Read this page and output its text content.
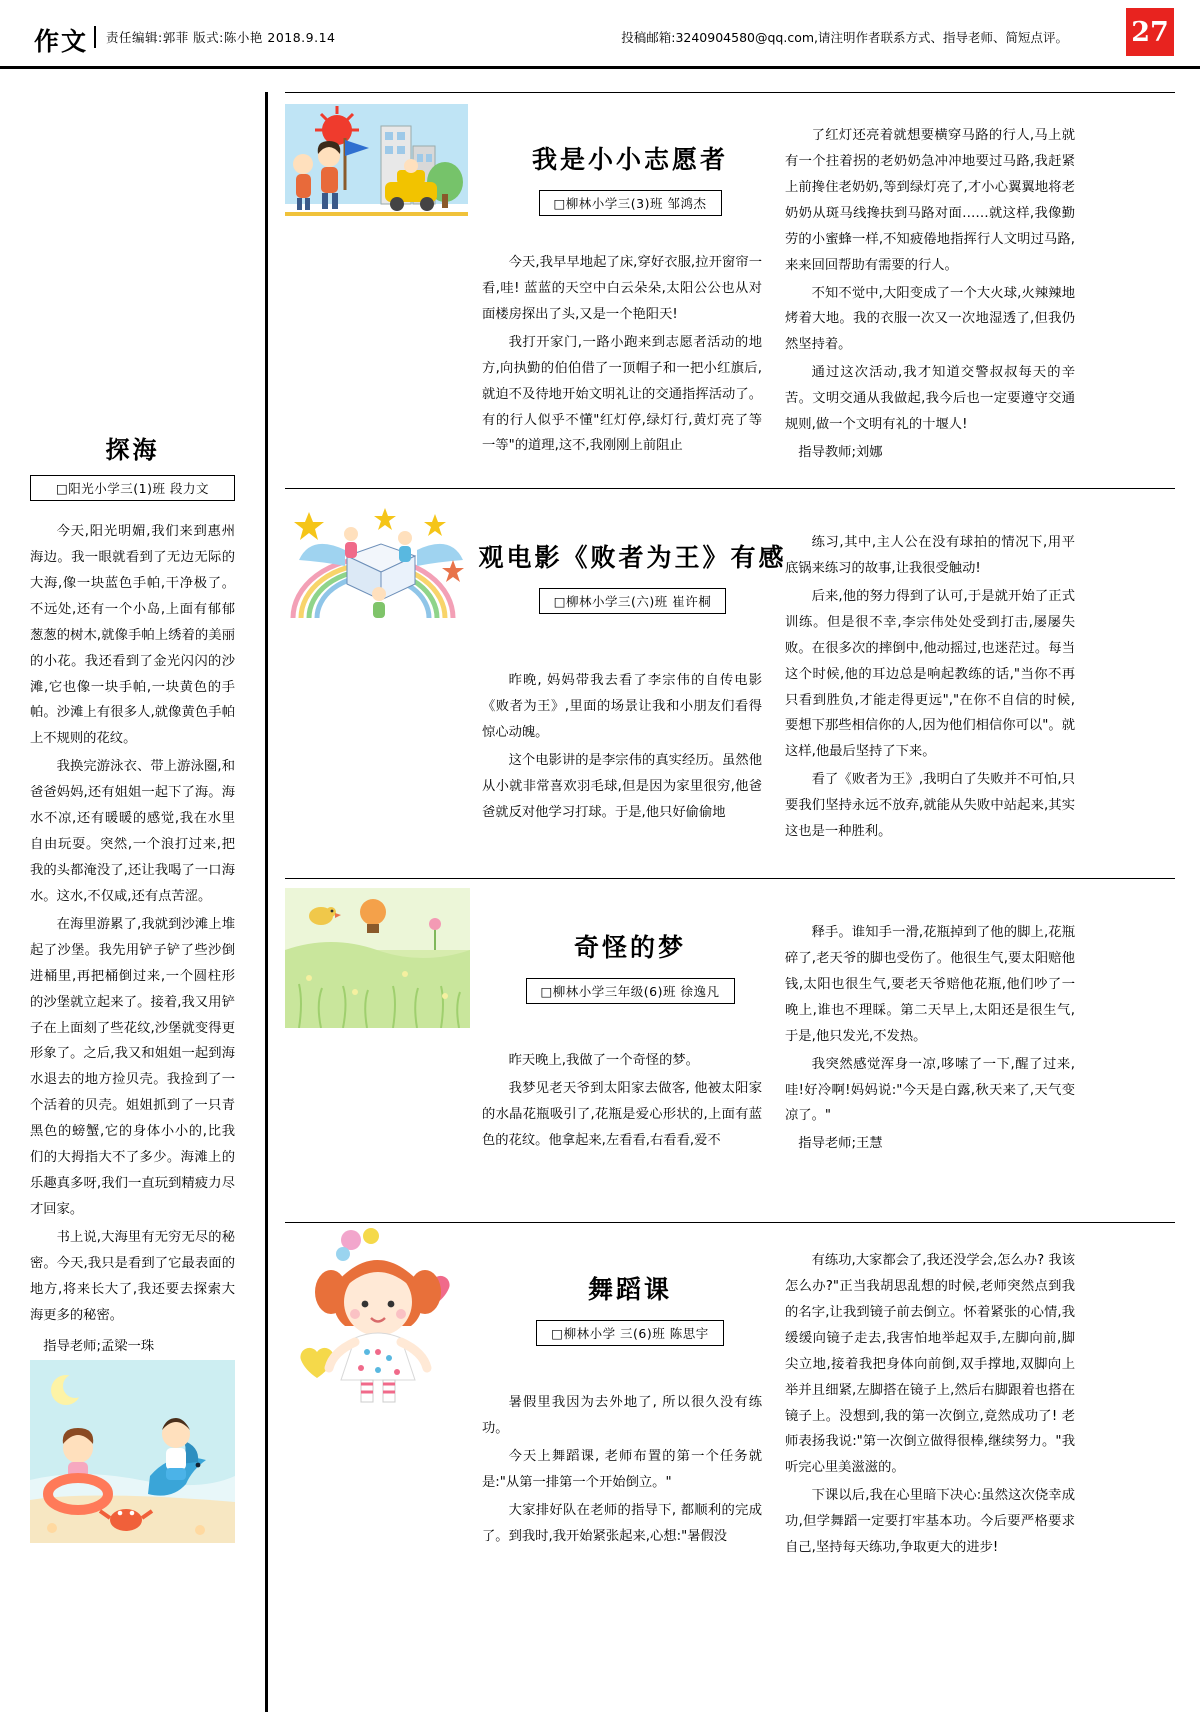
作文 责任编辑:郭菲 版式:陈小艳 2018.9.14	投稿邮箱:3240904580@qq.com,请注明作者联系方式、指导老师、简短点评。 27
探海
□阳光小学三(1)班 段力文

今天,阳光明媚,我们来到惠州海边。我一眼就看到了无边无际的大海,像一块蓝色手帕,干净极了。不远处,还有一个小岛,上面有郁郁葱葱的树木,就像手帕上绣着的美丽的小花。我还看到了金光闪闪的沙滩,它也像一块手帕,一块黄色的手帕。沙滩上有很多人,就像黄色手帕上不规则的花纹。

我换完游泳衣、带上游泳圈,和爸爸妈妈,还有姐姐一起下了海。海水不凉,还有暖暖的感觉,我在水里自由玩耍。突然,一个浪打过来,把我的头都淹没了,还让我喝了一口海水。这水,不仅咸,还有点苦涩。

在海里游累了,我就到沙滩上堆起了沙堡。我先用铲子铲了些沙倒进桶里,再把桶倒过来,一个圆柱形的沙堡就立起来了。接着,我又用铲子在上面刻了些花纹,沙堡就变得更形象了。之后,我又和姐姐一起到海水退去的地方捡贝壳。我捡到了一个活着的贝壳。姐姐抓到了一只青黑色的螃蟹,它的身体小小的,比我们的大拇指大不了多少。海滩上的乐趣真多呀,我们一直玩到精疲力尽才回家。

书上说,大海里有无穷无尽的秘密。今天,我只是看到了它最表面的地方,将来长大了,我还要去探索大海更多的秘密。

指导老师;孟梁一珠
我是小小志愿者
□柳林小学三(3)班 邹鸿杰

今天,我早早地起了床,穿好衣服,拉开窗帘一看,哇! 蓝蓝的天空中白云朵朵,太阳公公也从对面楼房探出了头,又是一个艳阳天!

我打开家门,一路小跑来到志愿者活动的地方,向执勤的伯伯借了一顶帽子和一把小红旗后,就迫不及待地开始文明礼让的交通指挥活动了。有的行人似乎不懂"红灯停,绿灯行,黄灯亮了等一等"的道理,这不,我刚刚上前阻止

了红灯还亮着就想要横穿马路的行人,马上就有一个拄着拐的老奶奶急冲冲地要过马路,我赶紧上前搀住老奶奶,等到绿灯亮了,才小心翼翼地将老奶奶从斑马线搀扶到马路对面……就这样,我像勤劳的小蜜蜂一样,不知疲倦地指挥行人文明过马路,来来回回帮助有需要的行人。

不知不觉中,大阳变成了一个大火球,火辣辣地烤着大地。我的衣服一次又一次地湿透了,但我仍然坚持着。

通过这次活动,我才知道交警叔叔每天的辛苦。文明交通从我做起,我今后也一定要遵守交通规则,做一个文明有礼的十堰人!

指导教师;刘娜

观电影《败者为王》有感
□柳林小学三(六)班 崔许桐

昨晚, 妈妈带我去看了李宗伟的自传电影《败者为王》,里面的场景让我和小朋友们看得惊心动魄。

这个电影讲的是李宗伟的真实经历。虽然他从小就非常喜欢羽毛球,但是因为家里很穷,他爸爸就反对他学习打球。于是,他只好偷偷地

练习,其中,主人公在没有球拍的情况下,用平底锅来练习的故事,让我很受触动!

后来,他的努力得到了认可,于是就开始了正式训练。但是很不幸,李宗伟处处受到打击,屡屡失败。在很多次的摔倒中,他动摇过,也迷茫过。每当这个时候,他的耳边总是响起教练的话,"当你不再只看到胜负,才能走得更远","在你不自信的时候,要想下那些相信你的人,因为他们相信你可以"。就这样,他最后坚持了下来。

看了《败者为王》,我明白了失败并不可怕,只要我们坚持永远不放弃,就能从失败中站起来,其实这也是一种胜利。

奇怪的梦
□柳林小学三年级(6)班 徐逸凡

昨天晚上,我做了一个奇怪的梦。

我梦见老天爷到太阳家去做客, 他被太阳家的水晶花瓶吸引了,花瓶是爱心形状的,上面有蓝色的花纹。他拿起来,左看看,右看看,爱不

释手。谁知手一滑,花瓶掉到了他的脚上,花瓶碎了,老天爷的脚也受伤了。他很生气,要太阳赔他钱,太阳也很生气,要老天爷赔他花瓶,他们吵了一晚上,谁也不理睬。第二天早上,太阳还是很生气,于是,他只发光,不发热。

我突然感觉浑身一凉,哆嗦了一下,醒了过来,哇!好冷啊!妈妈说:"今天是白露,秋天来了,天气变凉了。"

指导老师;王慧

舞蹈课
□柳林小学 三(6)班 陈思宇

暑假里我因为去外地了, 所以很久没有练功。

今天上舞蹈课, 老师布置的第一个任务就是:"从第一排第一个开始倒立。"

大家排好队在老师的指导下, 都顺利的完成了。到我时,我开始紧张起来,心想:"暑假没

有练功,大家都会了,我还没学会,怎么办? 我该怎么办?"正当我胡思乱想的时候,老师突然点到我的名字,让我到镜子前去倒立。怀着紧张的心情,我缓缓向镜子走去,我害怕地举起双手,左脚向前,脚尖立地,接着我把身体向前倒,双手撑地,双脚向上举并且细紧,左脚搭在镜子上,然后右脚跟着也搭在镜子上。没想到,我的第一次倒立,竟然成功了! 老师表扬我说:"第一次倒立做得很棒,继续努力。"我听完心里美滋滋的。

下课以后,我在心里暗下决心:虽然这次侥幸成功,但学舞蹈一定要打牢基本功。今后要严格要求自己,坚持每天练功,争取更大的进步!
